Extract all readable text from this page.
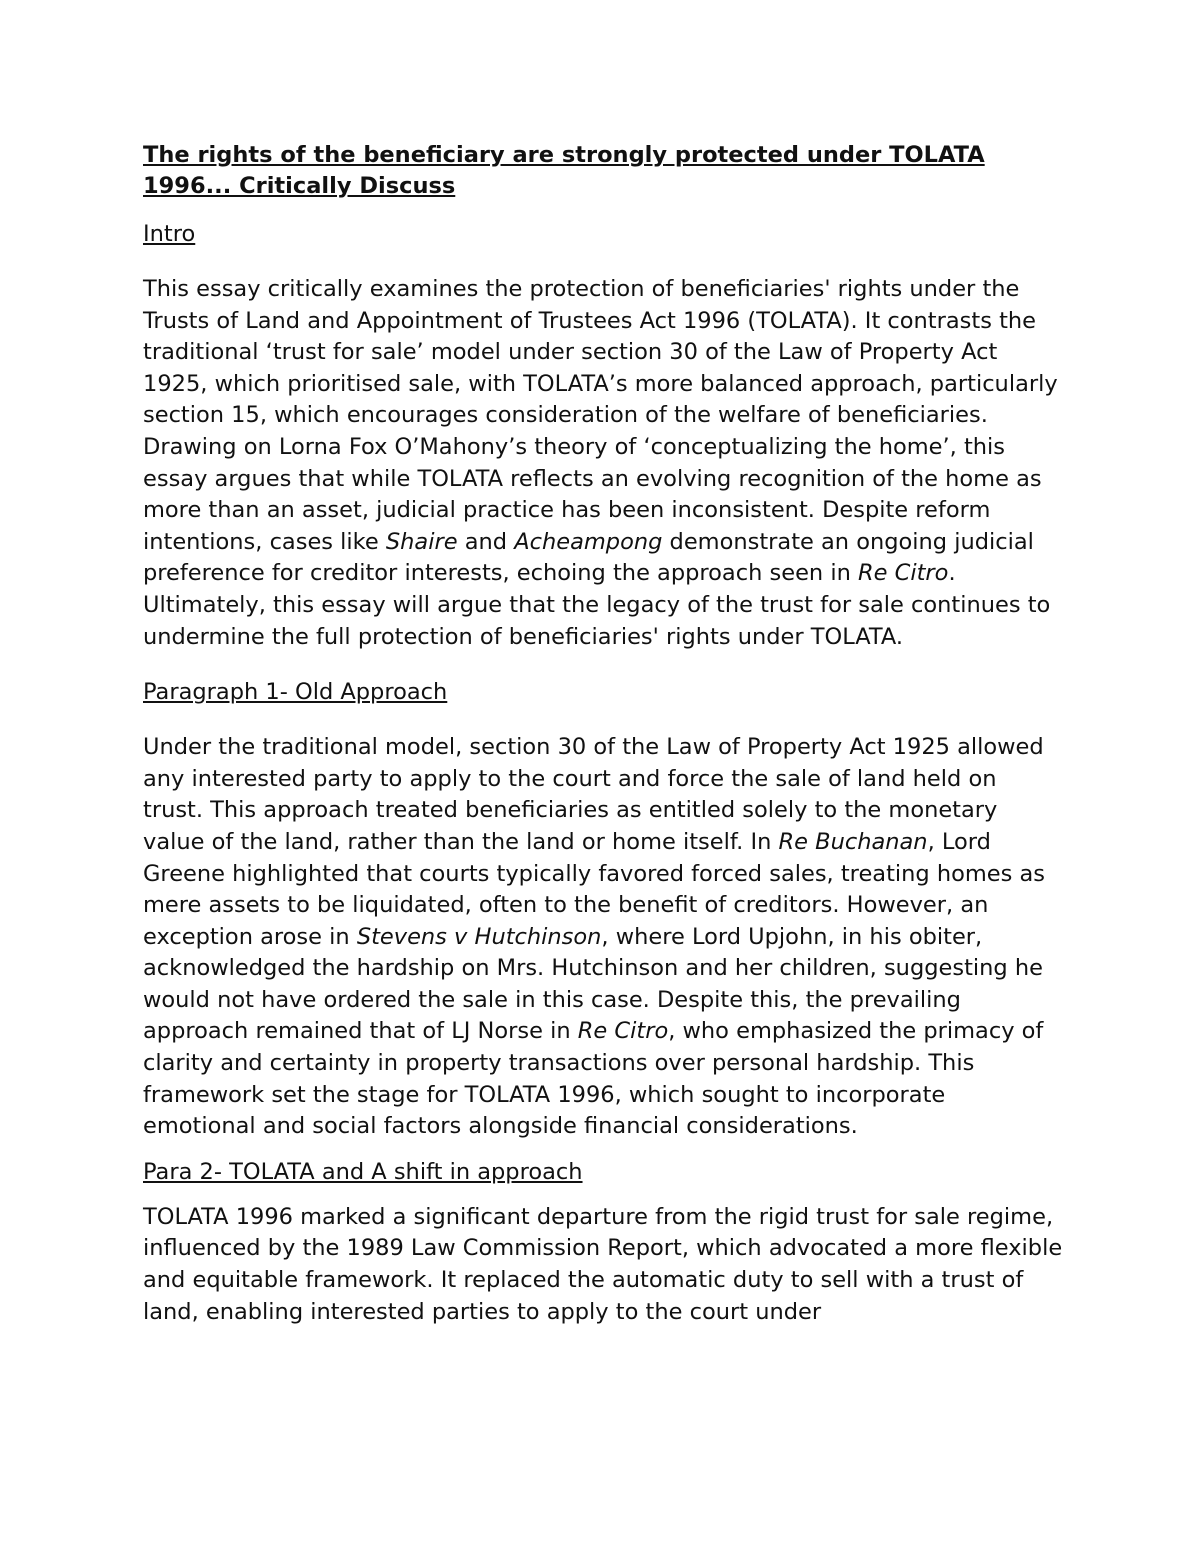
The rights of the beneficiary are strongly protected under TOLATA 1996... Critically Discuss
Intro

This essay critically examines the protection of beneficiaries' rights under the Trusts of Land and Appointment of Trustees Act 1996 (TOLATA). It contrasts the traditional ‘trust for sale’ model under section 30 of the Law of Property Act 1925, which prioritised sale, with TOLATA’s more balanced approach, particularly section 15, which encourages consideration of the welfare of beneficiaries. Drawing on Lorna Fox O’Mahony’s theory of ‘conceptualizing the home’, this essay argues that while TOLATA reflects an evolving recognition of the home as more than an asset, judicial practice has been inconsistent. Despite reform intentions, cases like Shaire and Acheampong demonstrate an ongoing judicial preference for creditor interests, echoing the approach seen in Re Citro. Ultimately, this essay will argue that the legacy of the trust for sale continues to undermine the full protection of beneficiaries' rights under TOLATA.

Paragraph 1- Old Approach

Under the traditional model, section 30 of the Law of Property Act 1925 allowed any interested party to apply to the court and force the sale of land held on trust. This approach treated beneficiaries as entitled solely to the monetary value of the land, rather than the land or home itself. In Re Buchanan, Lord Greene highlighted that courts typically favored forced sales, treating homes as mere assets to be liquidated, often to the benefit of creditors. However, an exception arose in Stevens v Hutchinson, where Lord Upjohn, in his obiter, acknowledged the hardship on Mrs. Hutchinson and her children, suggesting he would not have ordered the sale in this case. Despite this, the prevailing approach remained that of LJ Norse in Re Citro, who emphasized the primacy of clarity and certainty in property transactions over personal hardship. This framework set the stage for TOLATA 1996, which sought to incorporate emotional and social factors alongside financial considerations.

Para 2- TOLATA and A shift in approach

TOLATA 1996 marked a significant departure from the rigid trust for sale regime, influenced by the 1989 Law Commission Report, which advocated a more flexible and equitable framework. It replaced the automatic duty to sell with a trust of land, enabling interested parties to apply to the court under
